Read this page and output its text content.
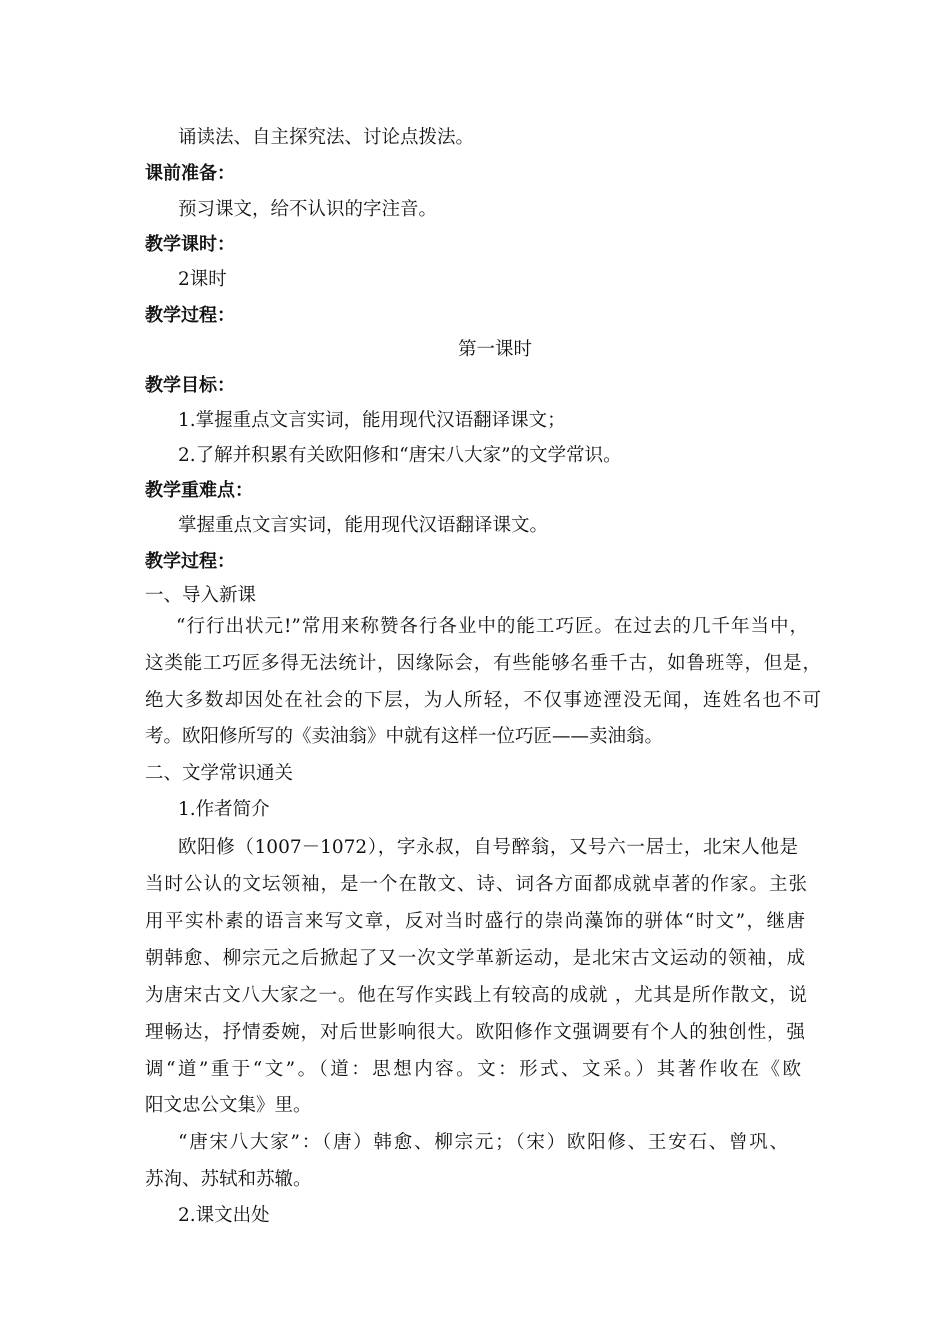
诵读法、自主探究法、讨论点拨法。
课前准备：
预习课文，给不认识的字注音。
教学课时：
2课时
教学过程：
第一课时
教学目标：
1.掌握重点文言实词，能用现代汉语翻译课文；
2.了解并积累有关欧阳修和“唐宋八大家”的文学常识。
教学重难点：
掌握重点文言实词，能用现代汉语翻译课文。
教学过程：
一、导入新课
“行行出状元!”常用来称赞各行各业中的能工巧匠。在过去的几千年当中，
这类能工巧匠多得无法统计，因缘际会，有些能够名垂千古，如鲁班等，但是，
绝大多数却因处在社会的下层，为人所轻，不仅事迹湮没无闻，连姓名也不可
考。欧阳修所写的《卖油翁》中就有这样一位巧匠——卖油翁。
二、文学常识通关
1.作者简介
欧阳修（1007－1072），字永叔，自号醉翁，又号六一居士，北宋人他是
当时公认的文坛领袖，是一个在散文、诗、词各方面都成就卓著的作家。主张
用平实朴素的语言来写文章，反对当时盛行的崇尚藻饰的骈体“时文”，继唐
朝韩愈、柳宗元之后掀起了又一次文学革新运动，是北宋古文运动的领袖，成
为唐宋古文八大家之一。他在写作实践上有较高的成就 ，尤其是所作散文，说
理畅达，抒情委婉，对后世影响很大。欧阳修作文强调要有个人的独创性，强
调“道”重于“文”。（道：思想内容。文：形式、文采。）其著作收在《欧
阳文忠公文集》里。
“唐宋八大家”：（唐）韩愈、柳宗元；（宋）欧阳修、王安石、曾巩、
苏洵、苏轼和苏辙。
2.课文出处
